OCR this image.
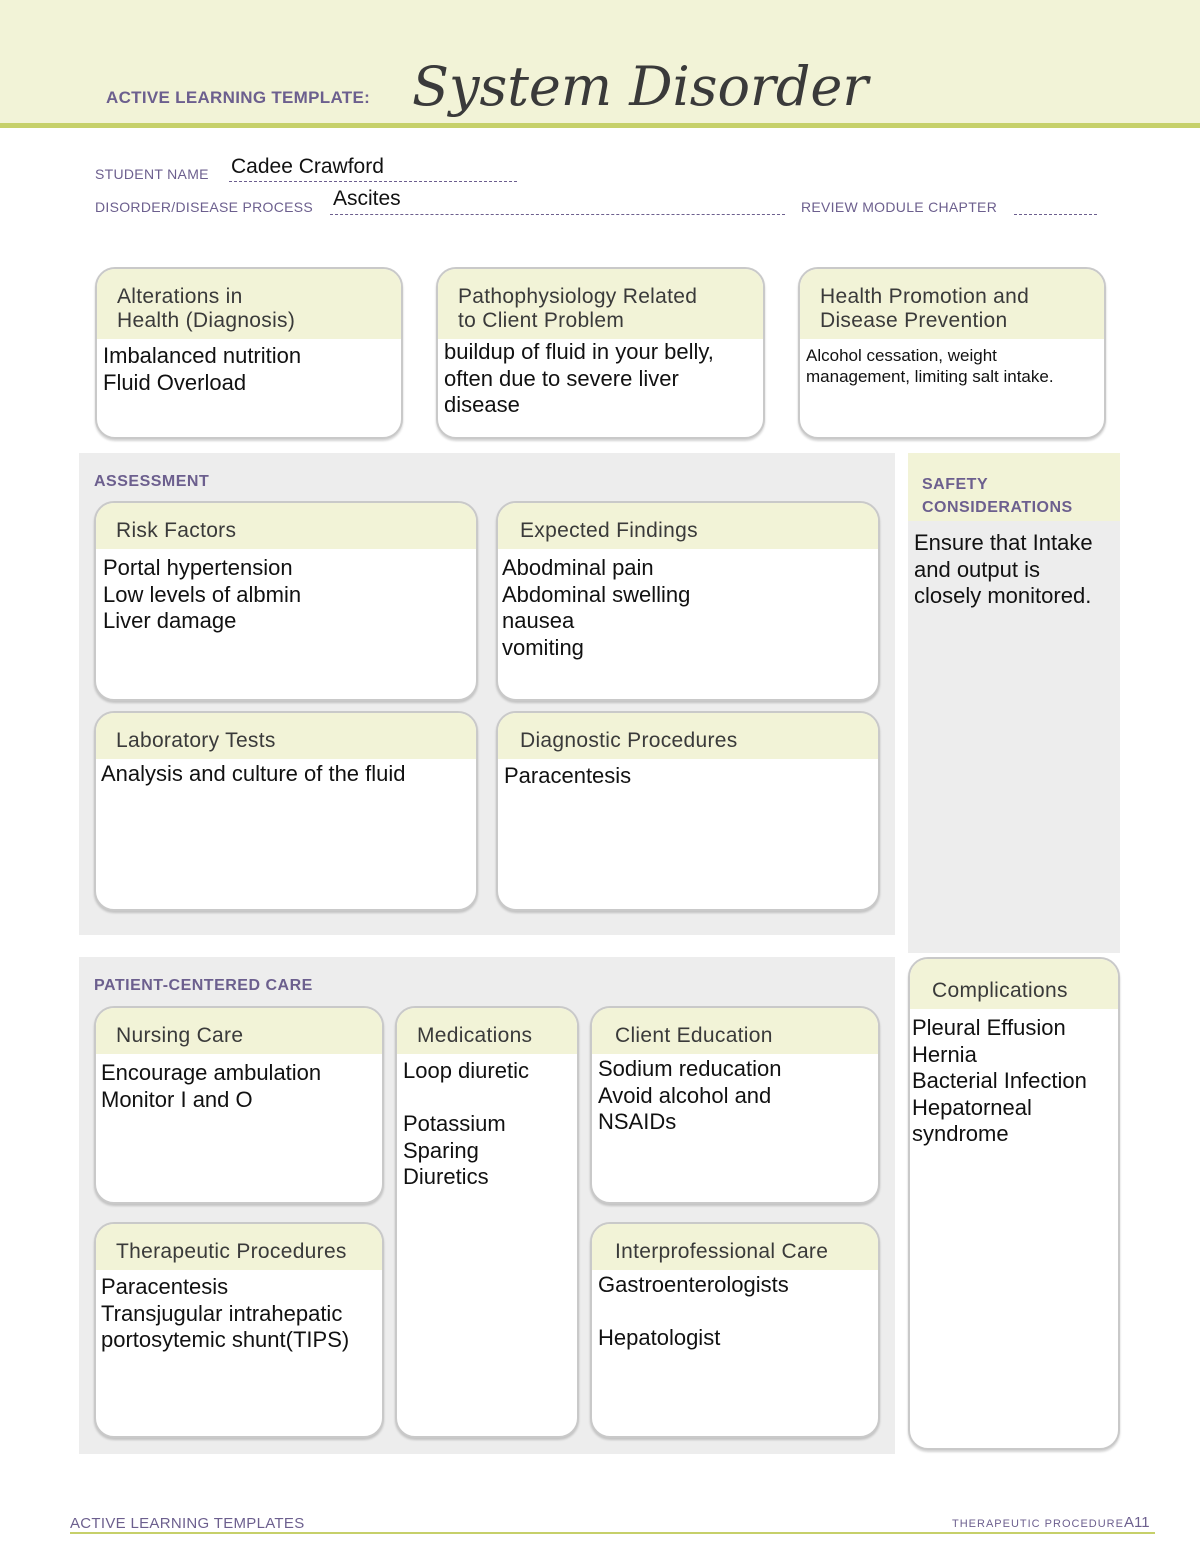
ACTIVE LEARNING TEMPLATE: System Disorder
STUDENT NAME Cadee Crawford
DISORDER/DISEASE PROCESS Ascites	REVIEW MODULE CHAPTER
Alterations in
Health (Diagnosis)
Imbalanced nutrition
Fluid Overload
Pathophysiology Related
to Client Problem
buildup of fluid in your belly,
often due to severe liver
disease
Health Promotion and
Disease Prevention
Alcohol cessation, weight
management, limiting salt intake.
ASSESSMENT
Risk Factors
Portal hypertension
Low levels of albmin
Liver damage
Expected Findings
Abodminal pain
Abdominal swelling
nausea
vomiting
Laboratory Tests
Analysis and culture of the fluid
Diagnostic Procedures
Paracentesis
SAFETY
CONSIDERATIONS
Ensure that Intake
and output is
closely monitored.
PATIENT-CENTERED CARE
Nursing Care
Encourage ambulation
Monitor I and O
Medications
Loop diuretic

Potassium
Sparing
Diuretics
Client Education
Sodium reducation
Avoid alcohol and
NSAIDs
Therapeutic Procedures
Paracentesis
Transjugular intrahepatic
portosytemic shunt(TIPS)
Interprofessional Care
Gastroenterologists

Hepatologist
Complications
Pleural Effusion
Hernia
Bacterial Infection
Hepatorneal
syndrome
ACTIVE LEARNING TEMPLATES	THERAPEUTIC PROCEDURE A11
